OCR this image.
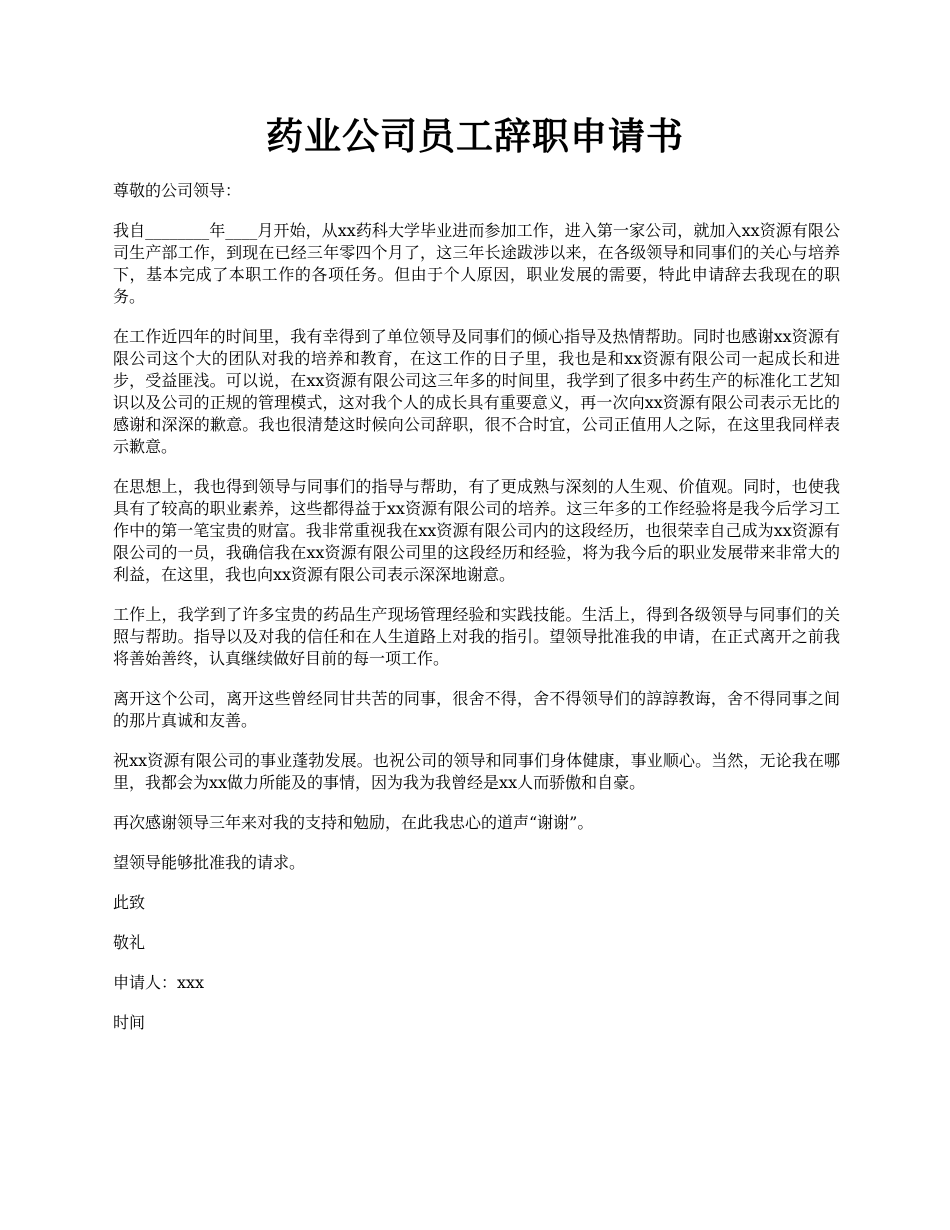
药业公司员工辞职申请书

尊敬的公司领导：

我自________年____月开始，从xx药科大学毕业进而参加工作，进入第一家公司，就加入xx资源有限公司生产部工作，到现在已经三年零四个月了，这三年长途跋涉以来，在各级领导和同事们的关心与培养下，基本完成了本职工作的各项任务。但由于个人原因，职业发展的需要，特此申请辞去我现在的职务。

在工作近四年的时间里，我有幸得到了单位领导及同事们的倾心指导及热情帮助。同时也感谢xx资源有限公司这个大的团队对我的培养和教育，在这工作的日子里，我也是和xx资源有限公司一起成长和进步，受益匪浅。可以说，在xx资源有限公司这三年多的时间里，我学到了很多中药生产的标准化工艺知识以及公司的正规的管理模式，这对我个人的成长具有重要意义，再一次向xx资源有限公司表示无比的感谢和深深的歉意。我也很清楚这时候向公司辞职，很不合时宜，公司正值用人之际，在这里我同样表示歉意。

在思想上，我也得到领导与同事们的指导与帮助，有了更成熟与深刻的人生观、价值观。同时，也使我具有了较高的职业素养，这些都得益于xx资源有限公司的培养。这三年多的工作经验将是我今后学习工作中的第一笔宝贵的财富。我非常重视我在xx资源有限公司内的这段经历，也很荣幸自己成为xx资源有限公司的一员，我确信我在xx资源有限公司里的这段经历和经验，将为我今后的职业发展带来非常大的利益，在这里，我也向xx资源有限公司表示深深地谢意。

工作上，我学到了许多宝贵的药品生产现场管理经验和实践技能。生活上，得到各级领导与同事们的关照与帮助。指导以及对我的信任和在人生道路上对我的指引。望领导批准我的申请，在正式离开之前我将善始善终，认真继续做好目前的每一项工作。

离开这个公司，离开这些曾经同甘共苦的同事，很舍不得，舍不得领导们的諄諄教诲，舍不得同事之间的那片真诚和友善。

祝xx资源有限公司的事业蓬勃发展。也祝公司的领导和同事们身体健康，事业顺心。当然，无论我在哪里，我都会为xx做力所能及的事情，因为我为我曾经是xx人而骄傲和自豪。

再次感谢领导三年来对我的支持和勉励，在此我忠心的道声“谢谢”。

望领导能够批准我的请求。

此致

敬礼

申请人：xxx

时间
